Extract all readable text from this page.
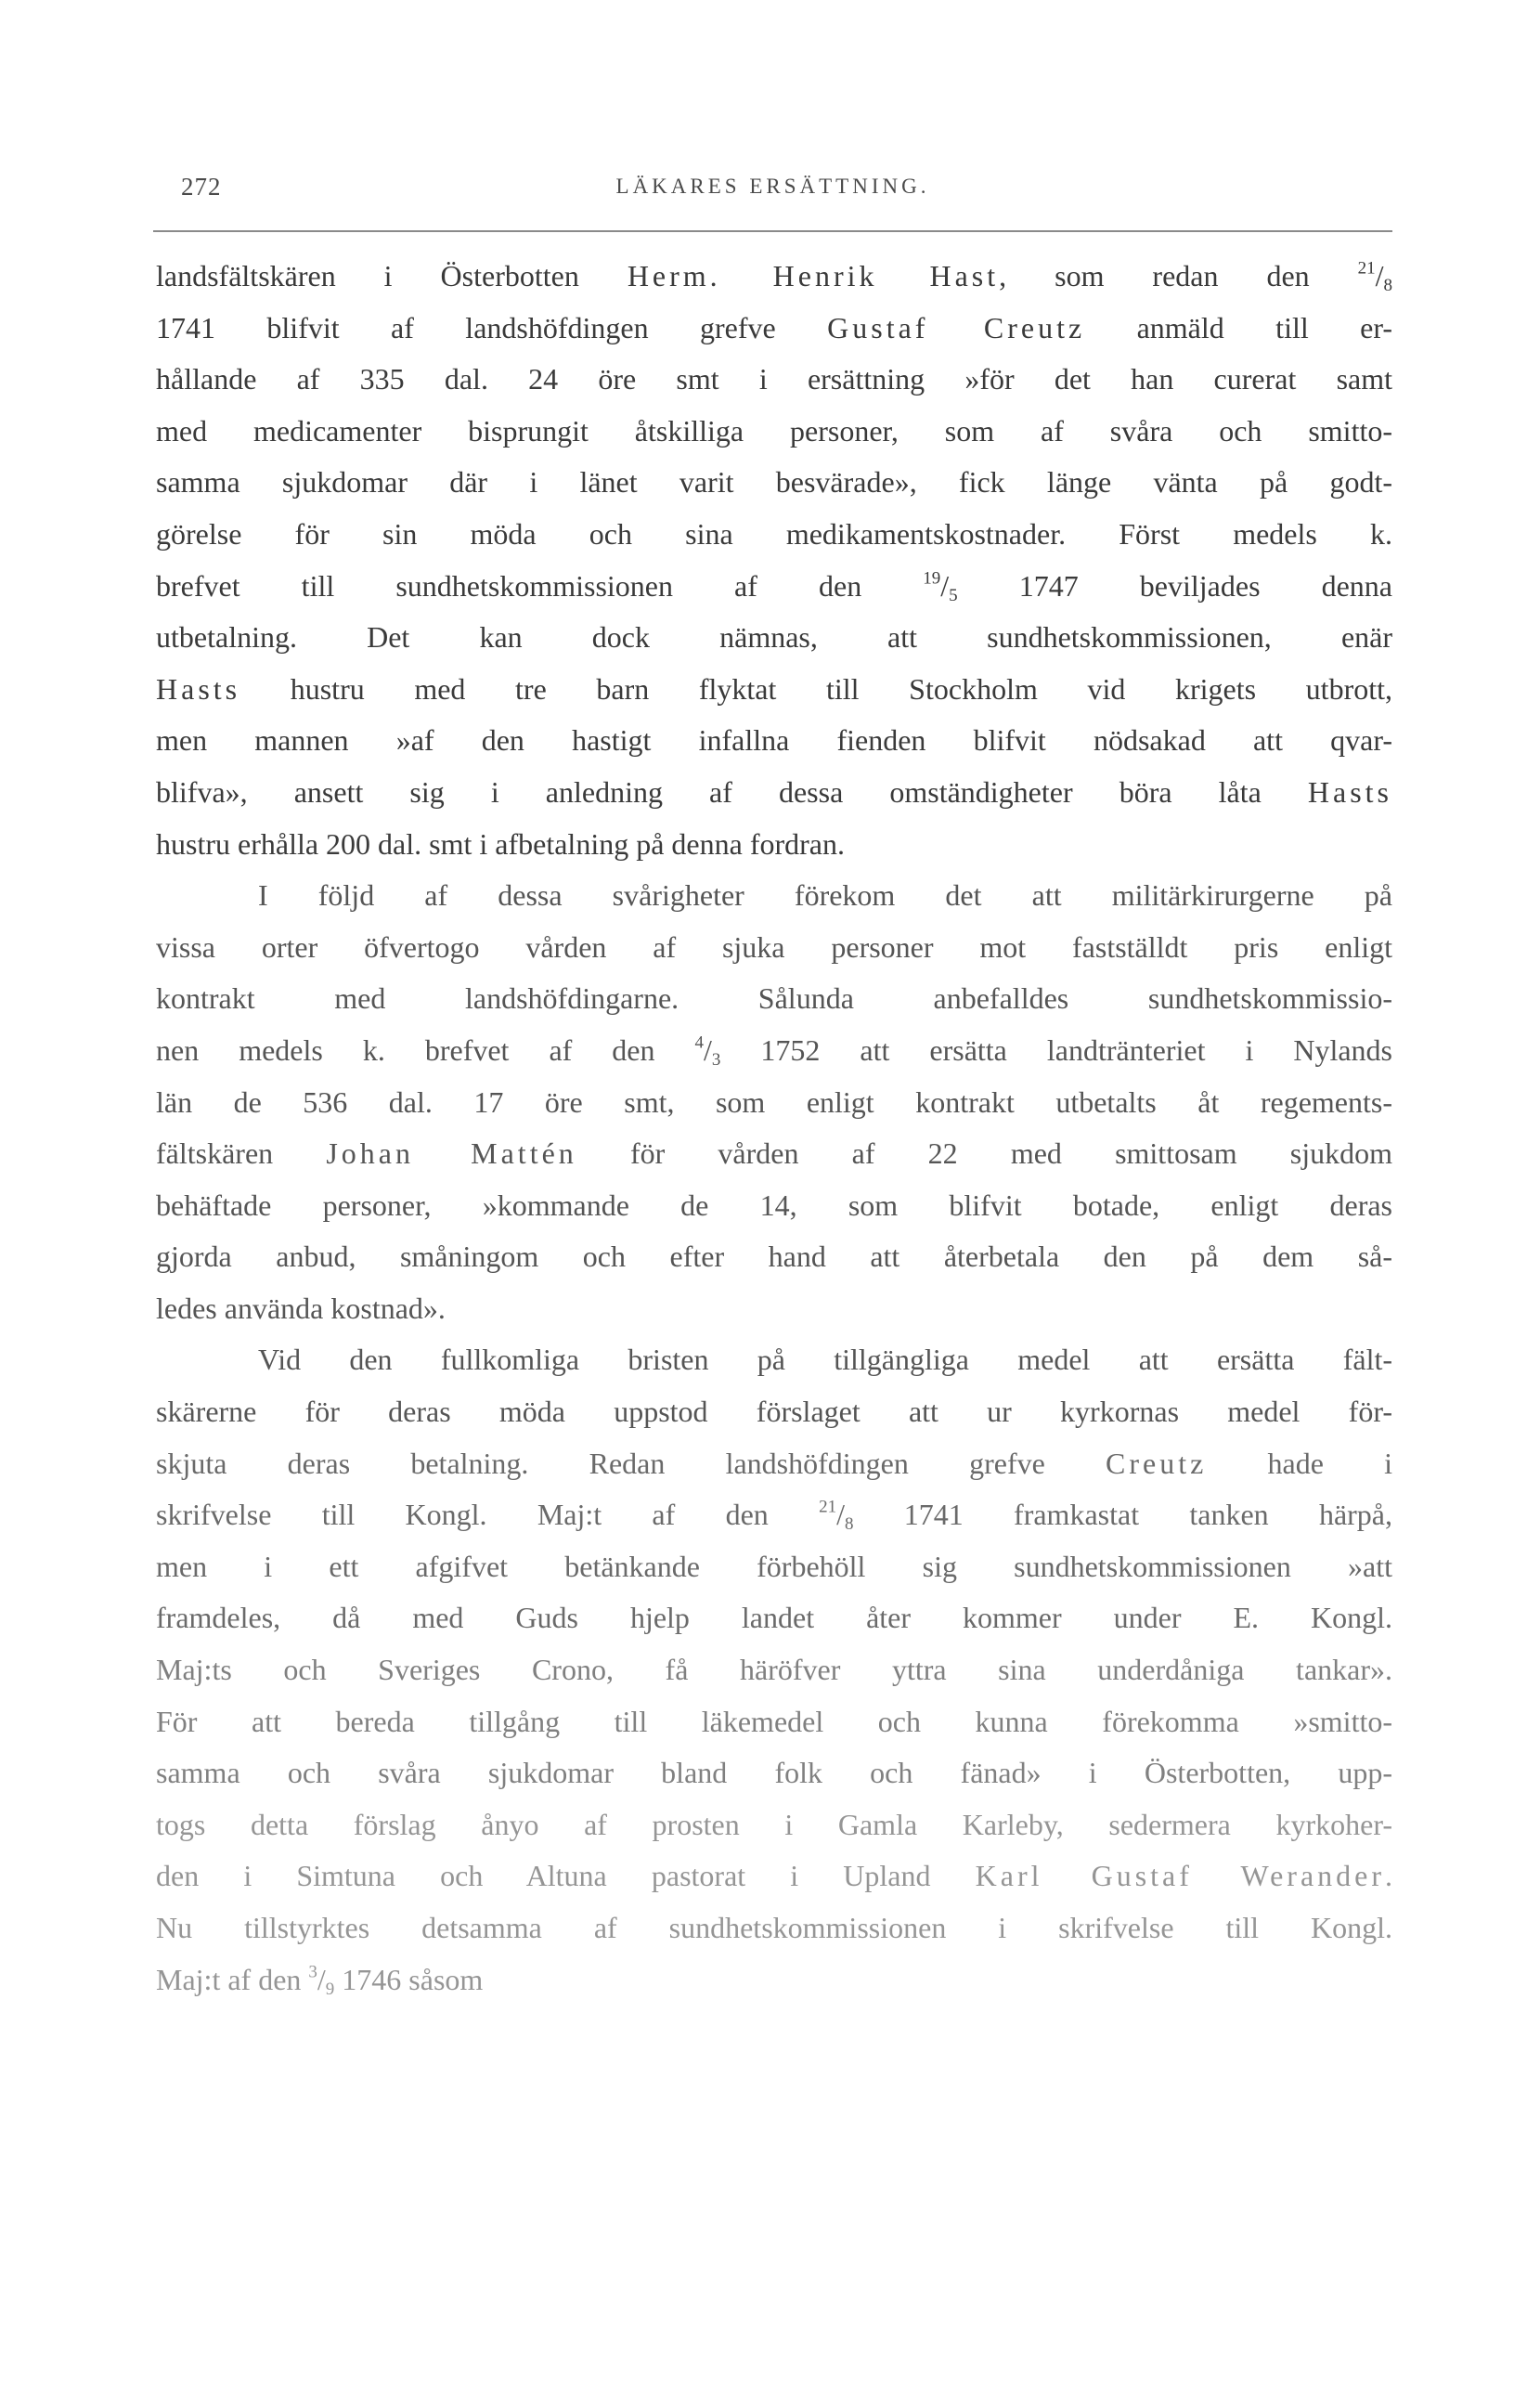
272	LÄKARES ERSÄTTNING.
landsfältskären i Österbotten Herm. Henrik Hast, som redan den $^{21}/_8$
1741 blifvit af landshöfdingen grefve Gustaf Creutz anmäld till er-
hållande af 335 dal. 24 öre smt i ersättning »för det han curerat samt
med medicamenter bisprungit åtskilliga personer, som af svåra och smitto-
samma sjukdomar där i länet varit besvärade», fick länge vänta på godt-
görelse för sin möda och sina medikamentskostnader. Först medels k.
brefvet till sundhetskommissionen af den $^{19}/_5$ 1747 beviljades denna
utbetalning. Det kan dock nämnas, att sundhetskommissionen, enär
Hasts hustru med tre barn flyktat till Stockholm vid krigets utbrott,
men mannen »af den hastigt infallna fienden blifvit nödsakad att qvar-
blifva», ansett sig i anledning af dessa omständigheter böra låta Hasts
hustru erhålla 200 dal. smt i afbetalning på denna fordran.
I följd af dessa svårigheter förekom det att militärkirurgerne på
vissa orter öfvertogo vården af sjuka personer mot fastställdt pris enligt
kontrakt med landshöfdingarne. Sålunda anbefalldes sundhetskommissio-
nen medels k. brefvet af den $^4/_3$ 1752 att ersätta landtränteriet i Nylands
län de 536 dal. 17 öre smt, som enligt kontrakt utbetalts åt regements-
fältskären Johan Mattén för vården af 22 med smittosam sjukdom
behäftade personer, »kommande de 14, som blifvit botade, enligt deras
gjorda anbud, småningom och efter hand att återbetala den på dem så-
ledes använda kostnad».
Vid den fullkomliga bristen på tillgängliga medel att ersätta fält-
skärerne för deras möda uppstod förslaget att ur kyrkornas medel för-
skjuta deras betalning. Redan landshöfdingen grefve Creutz hade i
skrifvelse till Kongl. Maj:t af den $^{21}/_8$ 1741 framkastat tanken härpå,
men i ett afgifvet betänkande förbehöll sig sundhetskommissionen »att
framdeles, då med Guds hjelp landet åter kommer under E. Kongl.
Maj:ts och Sveriges Crono, få häröfver yttra sina underdåniga tankar».
För att bereda tillgång till läkemedel och kunna förekomma »smitto-
samma och svåra sjukdomar bland folk och fänad» i Österbotten, upp-
togs detta förslag ånyo af prosten i Gamla Karleby, sedermera kyrkoher-
den i Simtuna och Altuna pastorat i Upland Karl Gustaf Werander.
Nu tillstyrktes detsamma af sundhetskommissionen i skrifvelse till Kongl.
Maj:t af den $^3/_9$ 1746 såsom
